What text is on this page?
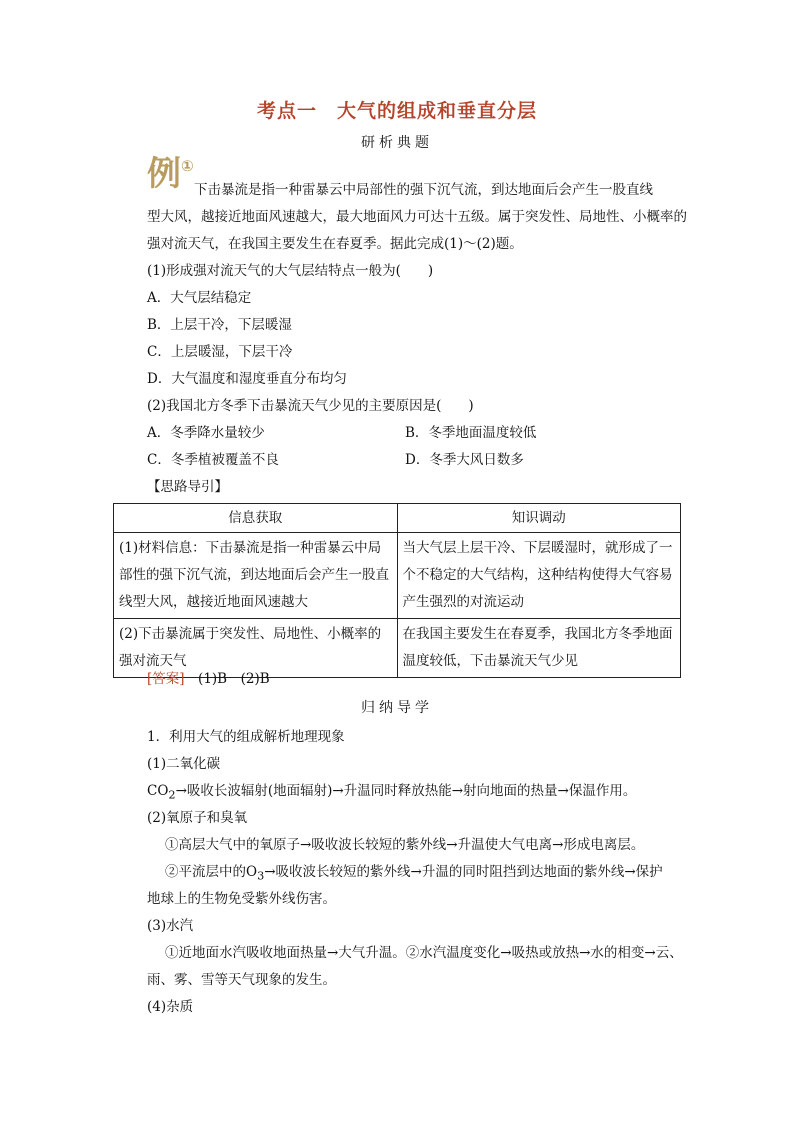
考点一　大气的组成和垂直分层
研析典题
例①
下击暴流是指一种雷暴云中局部性的强下沉气流，到达地面后会产生一股直线
型大风，越接近地面风速越大，最大地面风力可达十五级。属于突发性、局地性、小概率的
强对流天气，在我国主要发生在春夏季。据此完成(1)～(2)题。
(1)形成强对流天气的大气层结特点一般为(　　)
A．大气层结稳定
B．上层干冷，下层暖湿
C．上层暖湿，下层干冷
D．大气温度和湿度垂直分布均匀
(2)我国北方冬季下击暴流天气少见的主要原因是(　　)
A．冬季降水量较少	B．冬季地面温度较低
C．冬季植被覆盖不良	D．冬季大风日数多
【思路导引】
信息获取	知识调动
(1)材料信息：下击暴流是指一种雷暴云中局部性的强下沉气流，到达地面后会产生一股直线型大风，越接近地面风速越大	当大气层上层干冷、下层暖湿时，就形成了一个不稳定的大气结构，这种结构使得大气容易产生强烈的对流运动
(2)下击暴流属于突发性、局地性、小概率的强对流天气	在我国主要发生在春夏季，我国北方冬季地面温度较低，下击暴流天气少见
[答案]　 (1)B　(2)B
归纳导学
1．利用大气的组成解析地理现象
(1)二氧化碳
$CO_2\to$吸收长波辐射(地面辐射)→升温同时释放热能→射向地面的热量→保温作用。
(2)氧原子和臭氧
①高层大气中的氧原子→吸收波长较短的紫外线→升温使大气电离→形成电离层。
②平流层中的$O_3\to$吸收波长较短的紫外线→升温的同时阻挡到达地面的紫外线→保护
地球上的生物免受紫外线伤害。
(3)水汽
①近地面水汽吸收地面热量→大气升温。②水汽温度变化→吸热或放热→水的相变→云、
雨、雾、雪等天气现象的发生。
(4)杂质
